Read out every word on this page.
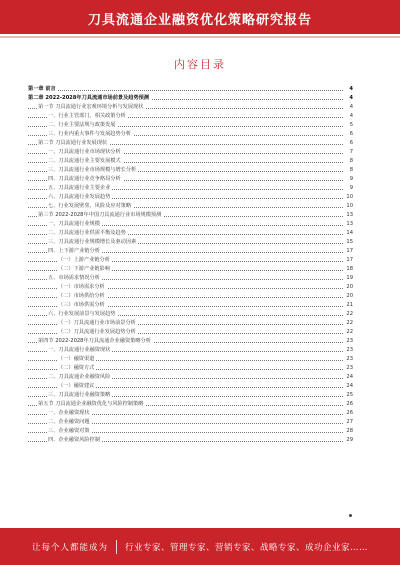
刀具流通企业融资优化策略研究报告
内容目录
第一章 前言	4
第二章 2022-2028年刀具流通市场前景及趋势预测	4
第一节 刀具流通行业宏观环境分析与发展现状	4
一、行业主管部门、相关政策分析	4
二、行业主要法规与政策发展	5
三、行业内重大事件与发展趋势分析	6
第二节 刀具流通行业发展现状	6
一、刀具流通行业市场现状分析	7
二、刀具流通行业主要发展模式	8
三、刀具流通行业市场规模与增长分析	8
四、刀具流通行业竞争格局分析	9
五、刀具流通行业主要企业	9
六、刀具流通行业发展趋势	10
七、行业发展壁垒、风险及应对策略	10
第三节 2022-2028年中国刀具流通行业市场规模预测	13
一、刀具流通行业规模	13
二、刀具流通行业供需平衡及趋势	14
三、刀具流通行业规模增长及驱动因素	15
四、上下游产业链分析	17
（一）上游产业链分析	17
（二）下游产业链影响	18
五、市场需求情况分析	19
（一）市场需求分析	20
（二）市场供给分析	20
（三）市场供需分析	21
六、行业发展前景与发展趋势	22
（一）刀具流通行业市场前景分析	22
（二）刀具流通行业发展趋势分析	22
第四节 2022-2028年刀具流通企业融资策略分析	23
一、刀具流通行业融资现状	23
（一）融资渠道	23
（二）融资方式	23
二、刀具流通企业融资风险	24
（一）融资建议	24
三、刀具流通行业融资策略	25
第五节 刀具流通企业融资优化与风险控制策略	26
一、企业融资现状	26
二、企业融资问题	27
三、企业融资对策	28
四、企业融资风险控制	29
让每个人都能成为 行业专家、管理专家、营销专家、战略专家、成功企业家……
